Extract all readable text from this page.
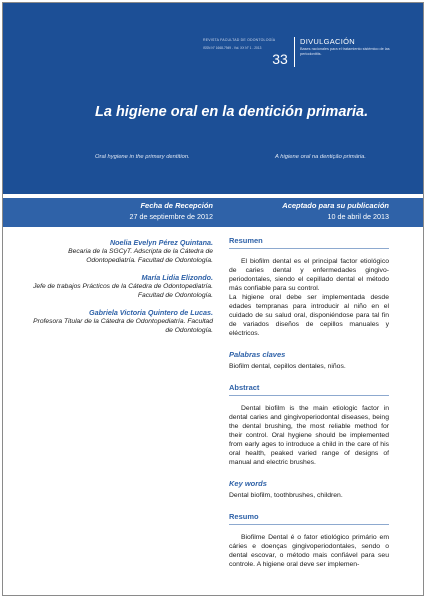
REVISTA FACULTAD DE ODONTOLOGÍA
ISSN N° 1668-7949 - Vol. XX N° 1 - 2013
33
DIVULGACIÓN
Bases racionales para el tratamiento sistémico de las periodontitis.
La higiene oral en la dentición primaria.
Oral hygiene in the primary dentition.	A higiene oral na dentição primária.
Fecha de Recepción
27 de septiembre de 2012
Aceptado para su publicación
10 de abril de 2013
Noelia Evelyn Pérez Quintana.
Becaria de la SGCyT. Adscripta de la Cátedra de Odontopediatría. Facultad de Odontología.
María Lidia Elizondo.
Jefe de trabajos Prácticos de la Cátedra de Odontopediatría. Facultad de Odontología.
Gabriela Victoria Quintero de Lucas.
Profesora Titular de la Cátedra de Odontopediatría. Facultad de Odontología.
Resumen

El biofilm dental es el principal factor etiológico de caries dental y enfermedades gingivo-periodontales, siendo el cepillado dental el método más confiable para su control.

La higiene oral debe ser implementada desde edades tempranas para introducir al niño en el cuidado de su salud oral, disponiéndose para tal fin de variados diseños de cepillos manuales y eléctricos.

Palabras claves

Biofilm dental, cepillos dentales, niños.

Abstract

Dental biofilm is the main etiologic factor in dental caries and gingivoperiodontal diseases, being the dental brushing, the most reliable method for their control. Oral hygiene should be implemented from early ages to introduce a child in the care of his oral health, peaked varied range of designs of manual and electric brushes.

Key words

Dental biofilm, toothbrushes, children.

Resumo

Biofilme Dental é o fator etiológico primário em cáries e doenças gingivoperiodontales, sendo o dental escovar, o método mais confiável para seu controle. A higiene oral deve ser implemen-
